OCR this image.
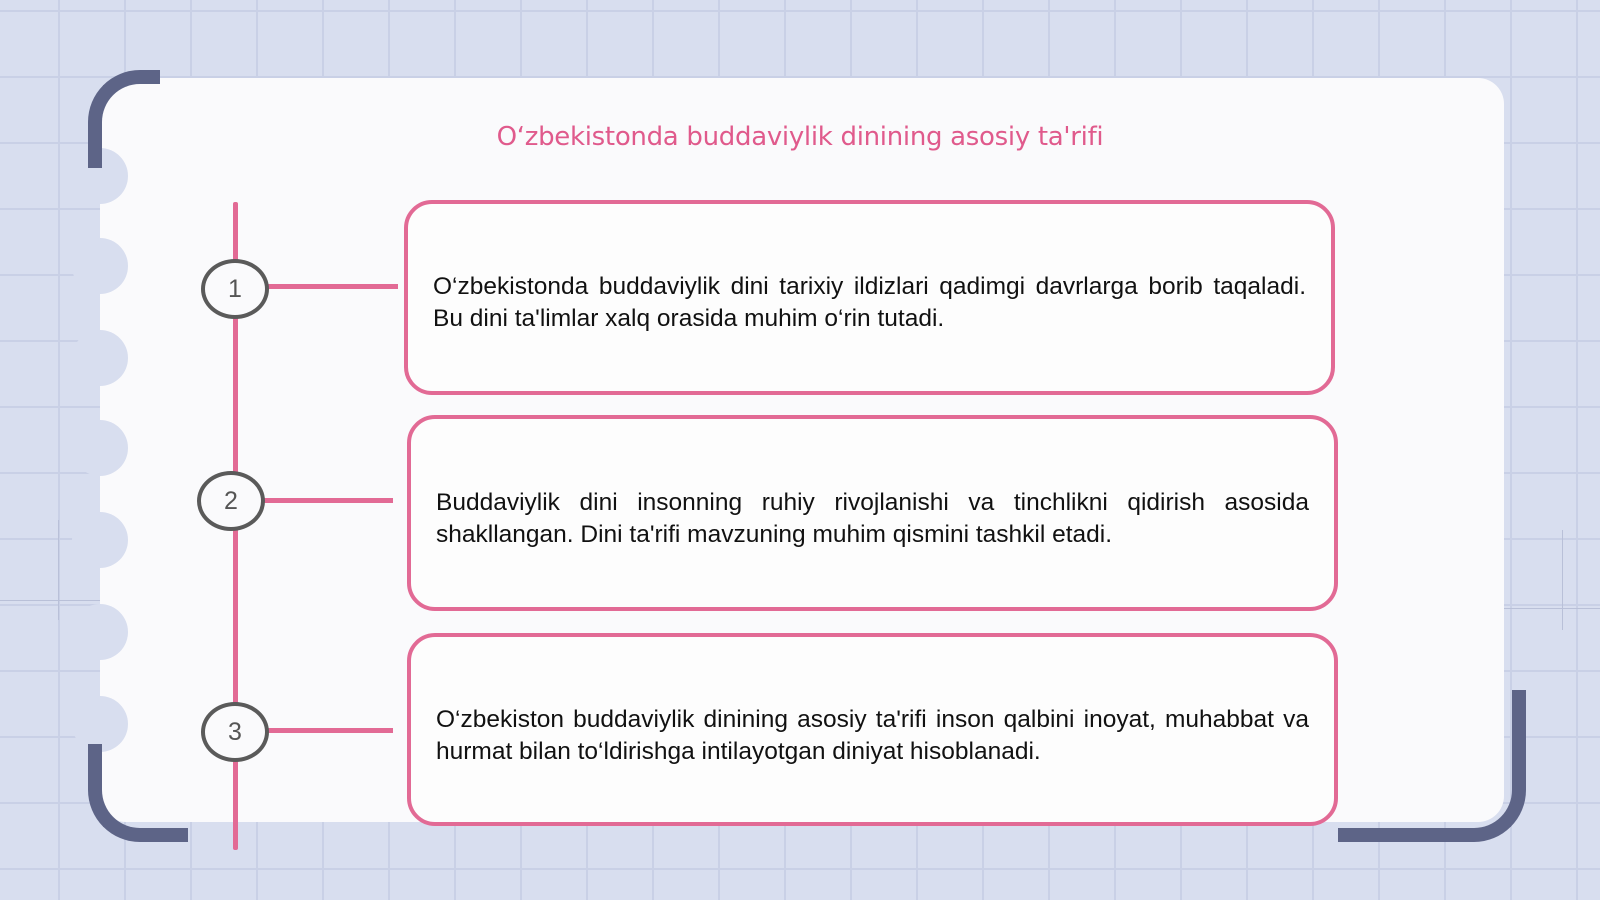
O‘zbekistonda buddaviylik dinining asosiy ta'rifi
1	O‘zbekistonda buddaviylik dini tarixiy ildizlari qadimgi davrlarga borib taqaladi. Bu dini ta'limlar xalq orasida muhim o‘rin tutadi.

2	Buddaviylik dini insonning ruhiy rivojlanishi va tinchlikni qidirish asosida shakllangan. Dini ta'rifi mavzuning muhim qismini tashkil etadi.

3	O‘zbekiston buddaviylik dinining asosiy ta'rifi inson qalbini inoyat, muhabbat va hurmat bilan to‘ldirishga intilayotgan diniyat hisoblanadi.
